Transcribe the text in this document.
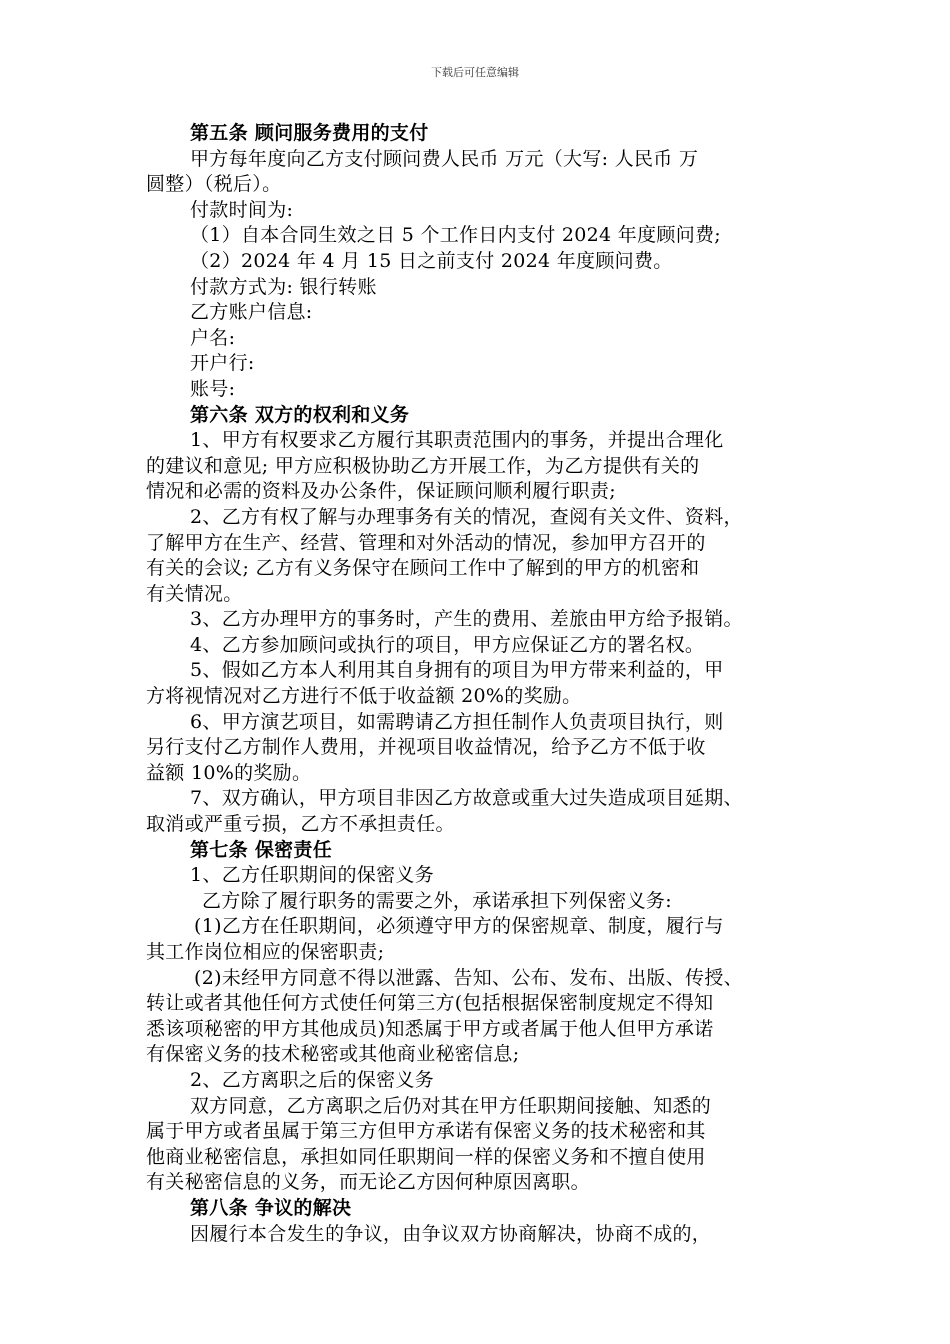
下载后可任意编辑
第五条 顾问服务费用的支付
甲方每年度向乙方支付顾问费人民币 万元（大写: 人民币 万
圆整）（税后）。
付款时间为:
（1）自本合同生效之日 5 个工作日内支付 2024 年度顾问费;
（2）2024 年 4 月 15 日之前支付 2024 年度顾问费。
付款方式为: 银行转账
乙方账户信息:
户名:
开户行:
账号:
第六条 双方的权利和义务
1、甲方有权要求乙方履行其职责范围内的事务，并提出合理化
的建议和意见; 甲方应积极协助乙方开展工作，为乙方提供有关的
情况和必需的资料及办公条件，保证顾问顺利履行职责;
2、乙方有权了解与办理事务有关的情况，查阅有关文件、资料，
了解甲方在生产、经营、管理和对外活动的情况，参加甲方召开的
有关的会议; 乙方有义务保守在顾问工作中了解到的甲方的机密和
有关情况。
3、乙方办理甲方的事务时，产生的费用、差旅由甲方给予报销。
4、乙方参加顾问或执行的项目，甲方应保证乙方的署名权。
5、假如乙方本人利用其自身拥有的项目为甲方带来利益的，甲
方将视情况对乙方进行不低于收益额 20%的奖励。
6、甲方演艺项目，如需聘请乙方担任制作人负责项目执行，则
另行支付乙方制作人费用，并视项目收益情况，给予乙方不低于收
益额 10%的奖励。
7、双方确认，甲方项目非因乙方故意或重大过失造成项目延期、
取消或严重亏损，乙方不承担责任。
第七条 保密责任
1、乙方任职期间的保密义务
乙方除了履行职务的需要之外，承诺承担下列保密义务:
(1)乙方在任职期间，必须遵守甲方的保密规章、制度，履行与
其工作岗位相应的保密职责;
(2)未经甲方同意不得以泄露、告知、公布、发布、出版、传授、
转让或者其他任何方式使任何第三方(包括根据保密制度规定不得知
悉该项秘密的甲方其他成员)知悉属于甲方或者属于他人但甲方承诺
有保密义务的技术秘密或其他商业秘密信息;
2、乙方离职之后的保密义务
双方同意，乙方离职之后仍对其在甲方任职期间接触、知悉的
属于甲方或者虽属于第三方但甲方承诺有保密义务的技术秘密和其
他商业秘密信息，承担如同任职期间一样的保密义务和不擅自使用
有关秘密信息的义务，而无论乙方因何种原因离职。
第八条 争议的解决
因履行本合发生的争议，由争议双方协商解决，协商不成的，
